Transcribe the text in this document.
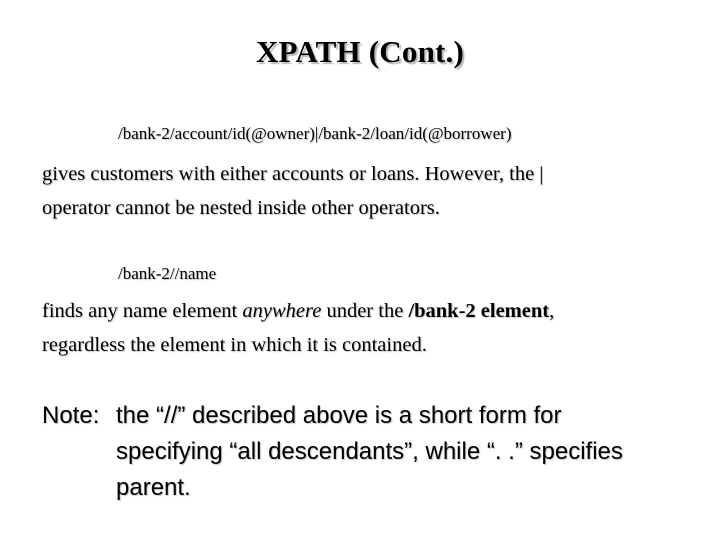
XPATH (Cont.)
/bank-2/account/id(@owner)|/bank-2/loan/id(@borrower)
gives customers with either accounts or loans. However, the |
operator cannot be nested inside other operators.
/bank-2//name
finds any name element anywhere under the /bank-2 element,
regardless the element in which it is contained.
Note: the “//” described above is a short form for
specifying “all descendants”, while “. .” specifies
parent.
